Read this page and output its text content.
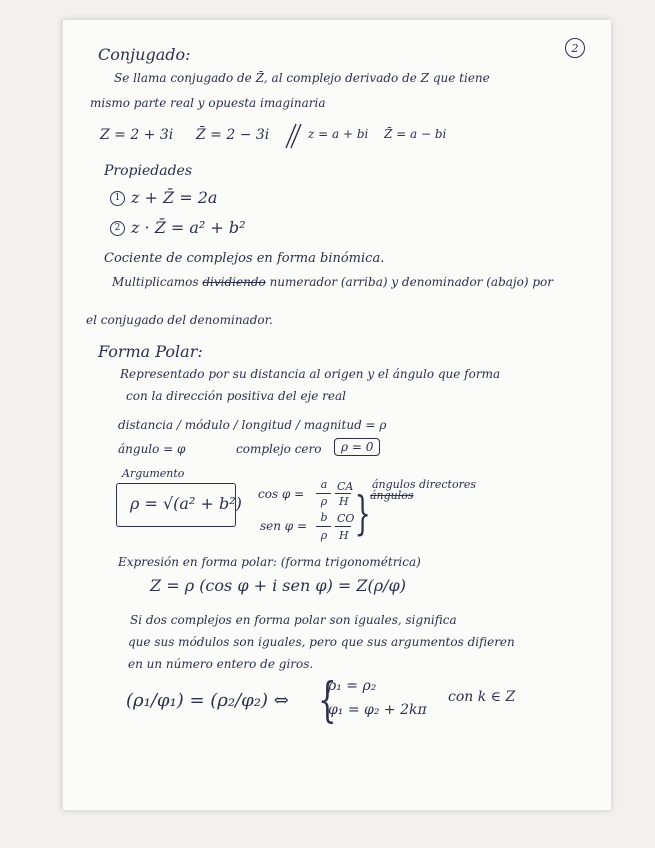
2
Conjugado:
Se llama conjugado de Z̄, al complejo derivado de Z que tiene
mismo parte real y opuesta imaginaria
Z = 2 + 3i Z̄ = 2 − 3i	z = a + bi Z̄ = a − bi
Propiedades
1 z + Z̄ = 2a
2 z · Z̄ = a² + b²
Cociente de complejos en forma binómica.
Multiplicamos dividiendo numerador (arriba) y denominador (abajo) por
el conjugado del denominador.
Forma Polar:
Representado por su distancia al origen y el ángulo que forma
con la dirección positiva del eje real
distancia / módulo / longitud / magnitud = ρ
ángulo = φ	complejo cero	ρ = 0
Argumento
ρ = √(a² + b²) cos φ =
a
ρ
CA
H
sen φ =
b
ρ
CO
H }
ángulos directores
ángulos
Expresión en forma polar: (forma trigonométrica)
Z = ρ (cos φ + i sen φ) = Z(ρ/φ)
Si dos complejos en forma polar son iguales, significa
que sus módulos son iguales, pero que sus argumentos difieren
en un número entero de giros.
(ρ₁/φ₁) = (ρ₂/φ₂) ⇔ {
ρ₁ = ρ₂
φ₁ = φ₂ + 2kπ
con k ∈ Z
